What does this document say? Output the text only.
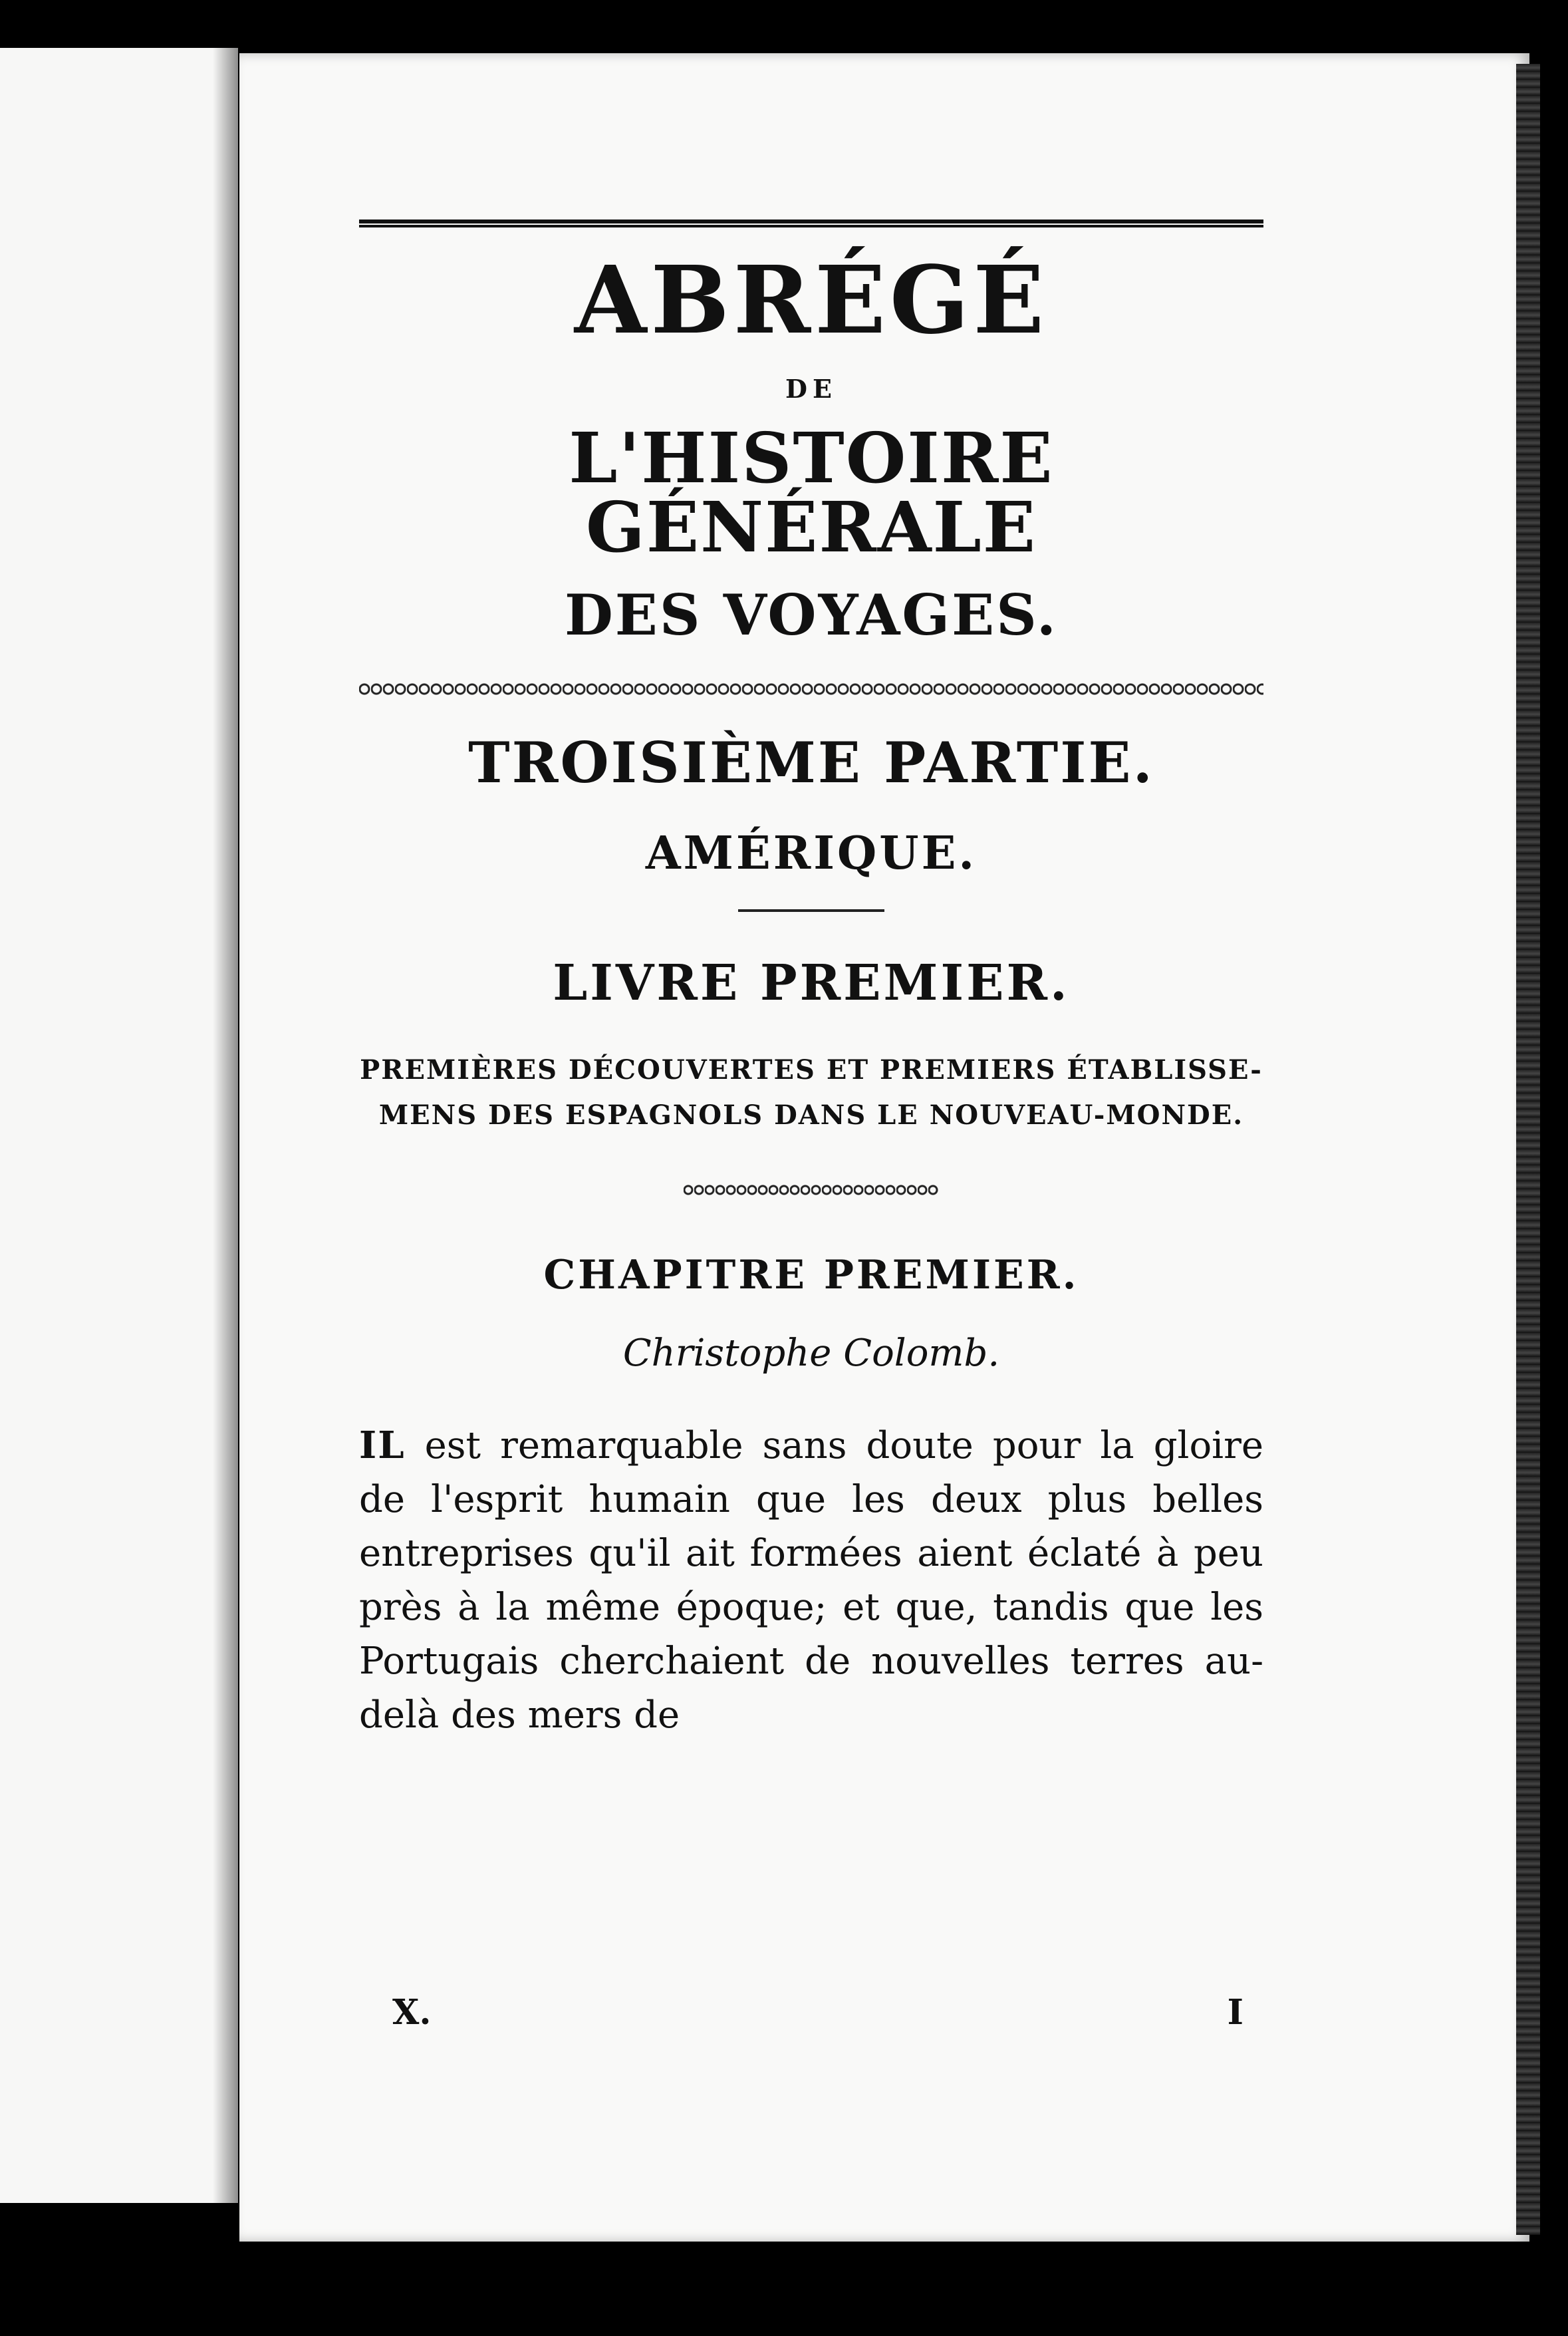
ABRÉGÉ
DE
L'HISTOIRE GÉNÉRALE
DES VOYAGES.
TROISIÈME PARTIE.
AMÉRIQUE.
LIVRE PREMIER.
PREMIÈRES DÉCOUVERTES ET PREMIERS ÉTABLISSE-
MENS DES ESPAGNOLS DANS LE NOUVEAU-MONDE.
CHAPITRE PREMIER.
Christophe Colomb.

IL est remarquable sans doute pour la gloire de l'esprit humain que les deux plus belles entreprises qu'il ait formées aient éclaté à peu près à la même époque; et que, tandis que les Portugais cherchaient de nouvelles terres au-delà des mers de

X.	I
